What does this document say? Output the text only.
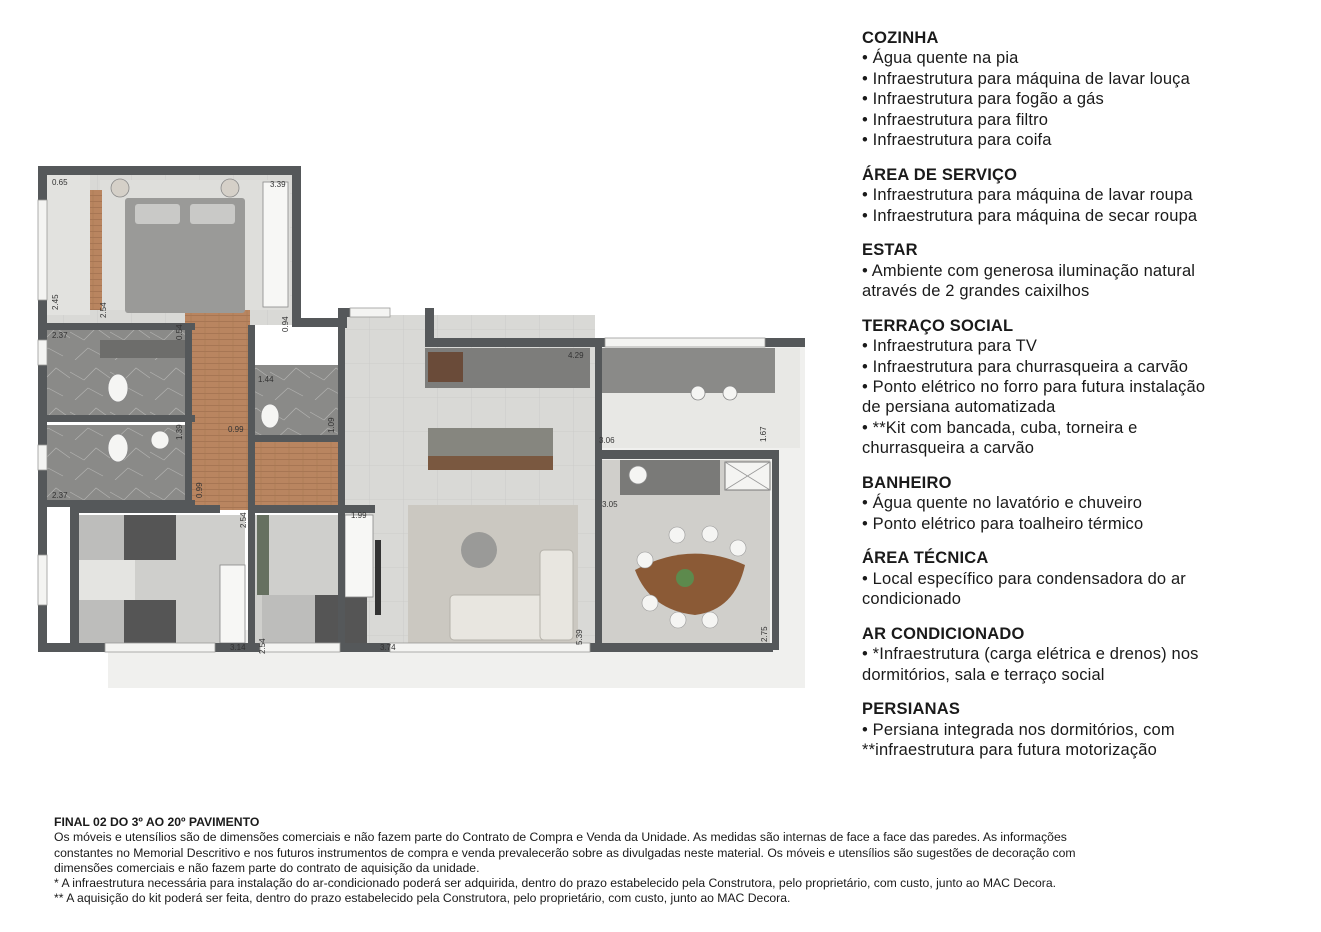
0.65	3.39
2.45
2.54
0.94
2.37	0.54
1.44
4.29
0.99	1.09
1.39
2.37	0.99
3.06	1.67
3.05
2.54	1.99
2.54
3.14	3.74
5.39	2.75
COZINHA
• Água quente na pia
• Infraestrutura para máquina de lavar louça
• Infraestrutura para fogão a gás
• Infraestrutura para filtro
• Infraestrutura para coifa
ÁREA DE SERVIÇO
• Infraestrutura para máquina de lavar roupa
• Infraestrutura para máquina de secar roupa
ESTAR
• Ambiente com generosa iluminação natural
através de 2 grandes caixilhos
TERRAÇO SOCIAL
• Infraestrutura para TV
• Infraestrutura para churrasqueira a carvão
• Ponto elétrico no forro para futura instalação
de persiana automatizada
• **Kit com bancada, cuba, torneira e
churrasqueira a carvão
BANHEIRO
• Água quente no lavatório e chuveiro
• Ponto elétrico para toalheiro térmico
ÁREA TÉCNICA
• Local específico para condensadora do ar
condicionado
AR CONDICIONADO
• *Infraestrutura (carga elétrica e drenos) nos
dormitórios, sala e terraço social
PERSIANAS
• Persiana integrada nos dormitórios, com
**infraestrutura para futura motorização
FINAL 02 DO 3º AO 20º PAVIMENTO
Os móveis e utensílios são de dimensões comerciais e não fazem parte do Contrato de Compra e Venda da Unidade. As medidas são internas de face a face das paredes. As informações
constantes no Memorial Descritivo e nos futuros instrumentos de compra e venda prevalecerão sobre as divulgadas neste material. Os móveis e utensílios são sugestões de decoração com
dimensões comerciais e não fazem parte do contrato de aquisição da unidade.
* A infraestrutura necessária para instalação do ar-condicionado poderá ser adquirida, dentro do prazo estabelecido pela Construtora, pelo proprietário, com custo, junto ao MAC Decora.
** A aquisição do kit poderá ser feita, dentro do prazo estabelecido pela Construtora, pelo proprietário, com custo, junto ao MAC Decora.
